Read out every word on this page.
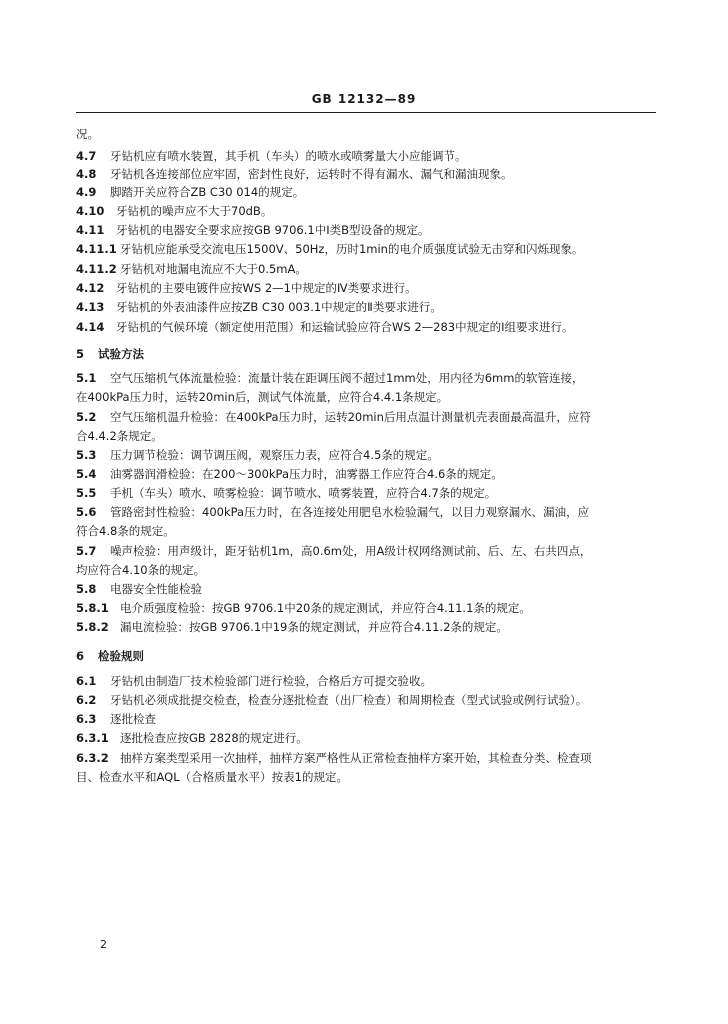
GB 12132—89
况。
4.7 牙钻机应有喷水装置，其手机（车头）的喷水或喷雾量大小应能调节。
4.8 牙钻机各连接部位应牢固，密封性良好，运转时不得有漏水、漏气和漏油现象。
4.9 脚踏开关应符合ZB C30 014的规定。
4.10 牙钻机的噪声应不大于70dB。
4.11 牙钻机的电器安全要求应按GB 9706.1中Ⅰ类B型设备的规定。
4.11.1 牙钻机应能承受交流电压1500V、50Hz，历时1min的电介质强度试验无击穿和闪烁现象。
4.11.2 牙钻机对地漏电流应不大于0.5mA。
4.12 牙钻机的主要电镀件应按WS 2—1中规定的Ⅳ类要求进行。
4.13 牙钻机的外表油漆件应按ZB C30 003.1中规定的Ⅱ类要求进行。
4.14 牙钻机的气候环境（额定使用范围）和运输试验应符合WS 2—283中规定的Ⅰ组要求进行。
5 试验方法
5.1 空气压缩机气体流量检验：流量计装在距调压阀不超过1mm处，用内径为6mm的软管连接，
在400kPa压力时，运转20min后，测试气体流量，应符合4.4.1条规定。
5.2 空气压缩机温升检验：在400kPa压力时，运转20min后用点温计测量机壳表面最高温升，应符
合4.4.2条规定。
5.3 压力调节检验：调节调压阀，观察压力表，应符合4.5条的规定。
5.4 油雾器润滑检验：在200～300kPa压力时，油雾器工作应符合4.6条的规定。
5.5 手机（车头）喷水、喷雾检验：调节喷水、喷雾装置，应符合4.7条的规定。
5.6 管路密封性检验：400kPa压力时，在各连接处用肥皂水检验漏气，以目力观察漏水、漏油，应
符合4.8条的规定。
5.7 噪声检验：用声级计，距牙钻机1m，高0.6m处，用A级计权网络测试前、后、左、右共四点，
均应符合4.10条的规定。
5.8 电器安全性能检验
5.8.1 电介质强度检验：按GB 9706.1中20条的规定测试，并应符合4.11.1条的规定。
5.8.2 漏电流检验：按GB 9706.1中19条的规定测试，并应符合4.11.2条的规定。
6 检验规则
6.1 牙钻机由制造厂技术检验部门进行检验，合格后方可提交验收。
6.2 牙钻机必须成批提交检查，检查分逐批检查（出厂检查）和周期检查（型式试验或例行试验）。
6.3 逐批检查
6.3.1 逐批检查应按GB 2828的规定进行。
6.3.2 抽样方案类型采用一次抽样，抽样方案严格性从正常检查抽样方案开始，其检查分类、检查项
目、检查水平和AQL（合格质量水平）按表1的规定。
2
